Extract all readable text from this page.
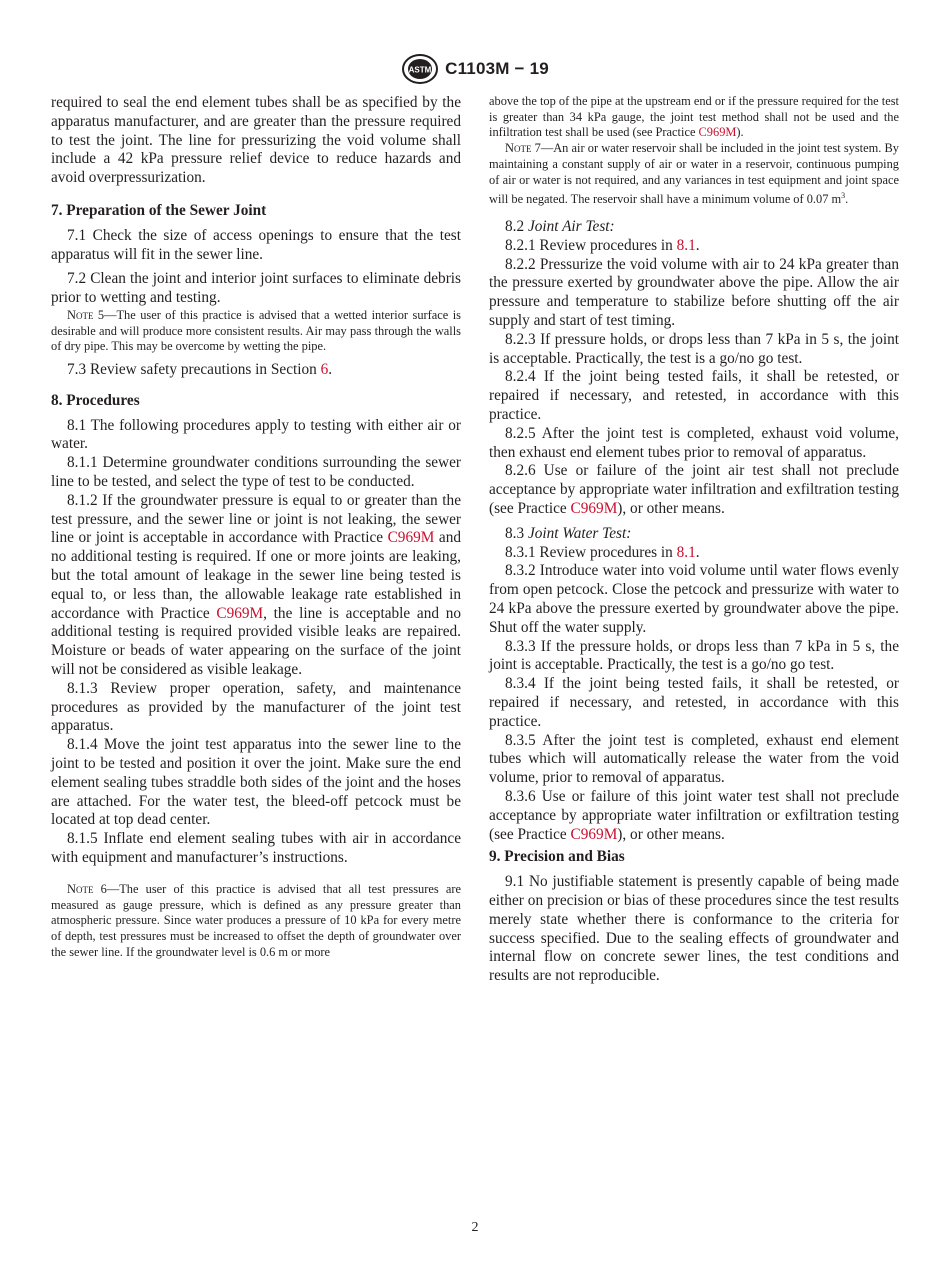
ASTM C1103M − 19

required to seal the end element tubes shall be as specified by the apparatus manufacturer, and are greater than the pressure required to test the joint. The line for pressurizing the void volume shall include a 42 kPa pressure relief device to reduce hazards and avoid overpressurization.

7. Preparation of the Sewer Joint

7.1 Check the size of access openings to ensure that the test apparatus will fit in the sewer line.

7.2 Clean the joint and interior joint surfaces to eliminate debris prior to wetting and testing.

Note 5—The user of this practice is advised that a wetted interior surface is desirable and will produce more consistent results. Air may pass through the walls of dry pipe. This may be overcome by wetting the pipe.

7.3 Review safety precautions in Section 6.

8. Procedures

8.1 The following procedures apply to testing with either air or water.

8.1.1 Determine groundwater conditions surrounding the sewer line to be tested, and select the type of test to be conducted.

8.1.2 If the groundwater pressure is equal to or greater than the test pressure, and the sewer line or joint is not leaking, the sewer line or joint is acceptable in accordance with Practice C969M and no additional testing is required. If one or more joints are leaking, but the total amount of leakage in the sewer line being tested is equal to, or less than, the allowable leakage rate established in accordance with Practice C969M, the line is acceptable and no additional testing is required provided visible leaks are repaired. Moisture or beads of water appearing on the surface of the joint will not be considered as visible leakage.

8.1.3 Review proper operation, safety, and maintenance procedures as provided by the manufacturer of the joint test apparatus.

8.1.4 Move the joint test apparatus into the sewer line to the joint to be tested and position it over the joint. Make sure the end element sealing tubes straddle both sides of the joint and the hoses are attached. For the water test, the bleed-off petcock must be located at top dead center.

8.1.5 Inflate end element sealing tubes with air in accordance with equipment and manufacturer’s instructions.

Note 6—The user of this practice is advised that all test pressures are measured as gauge pressure, which is defined as any pressure greater than atmospheric pressure. Since water produces a pressure of 10 kPa for every metre of depth, test pressures must be increased to offset the depth of groundwater over the sewer line. If the groundwater level is 0.6 m or more

above the top of the pipe at the upstream end or if the pressure required for the test is greater than 34 kPa gauge, the joint test method shall not be used and the infiltration test shall be used (see Practice C969M).

Note 7—An air or water reservoir shall be included in the joint test system. By maintaining a constant supply of air or water in a reservoir, continuous pumping of air or water is not required, and any variances in test equipment and joint space will be negated. The reservoir shall have a minimum volume of 0.07 $m^3$.

8.2 Joint Air Test:

8.2.1 Review procedures in 8.1.

8.2.2 Pressurize the void volume with air to 24 kPa greater than the pressure exerted by groundwater above the pipe. Allow the air pressure and temperature to stabilize before shutting off the air supply and start of test timing.

8.2.3 If pressure holds, or drops less than 7 kPa in 5 s, the joint is acceptable. Practically, the test is a go/no go test.

8.2.4 If the joint being tested fails, it shall be retested, or repaired if necessary, and retested, in accordance with this practice.

8.2.5 After the joint test is completed, exhaust void volume, then exhaust end element tubes prior to removal of apparatus.

8.2.6 Use or failure of the joint air test shall not preclude acceptance by appropriate water infiltration and exfiltration testing (see Practice C969M), or other means.

8.3 Joint Water Test:

8.3.1 Review procedures in 8.1.

8.3.2 Introduce water into void volume until water flows evenly from open petcock. Close the petcock and pressurize with water to 24 kPa above the pressure exerted by groundwater above the pipe. Shut off the water supply.

8.3.3 If the pressure holds, or drops less than 7 kPa in 5 s, the joint is acceptable. Practically, the test is a go/no go test.

8.3.4 If the joint being tested fails, it shall be retested, or repaired if necessary, and retested, in accordance with this practice.

8.3.5 After the joint test is completed, exhaust end element tubes which will automatically release the water from the void volume, prior to removal of apparatus.

8.3.6 Use or failure of this joint water test shall not preclude acceptance by appropriate water infiltration or exfiltration testing (see Practice C969M), or other means.

9. Precision and Bias

9.1 No justifiable statement is presently capable of being made either on precision or bias of these procedures since the test results merely state whether there is conformance to the criteria for success specified. Due to the sealing effects of groundwater and internal flow on concrete sewer lines, the test conditions and results are not reproducible.

2
